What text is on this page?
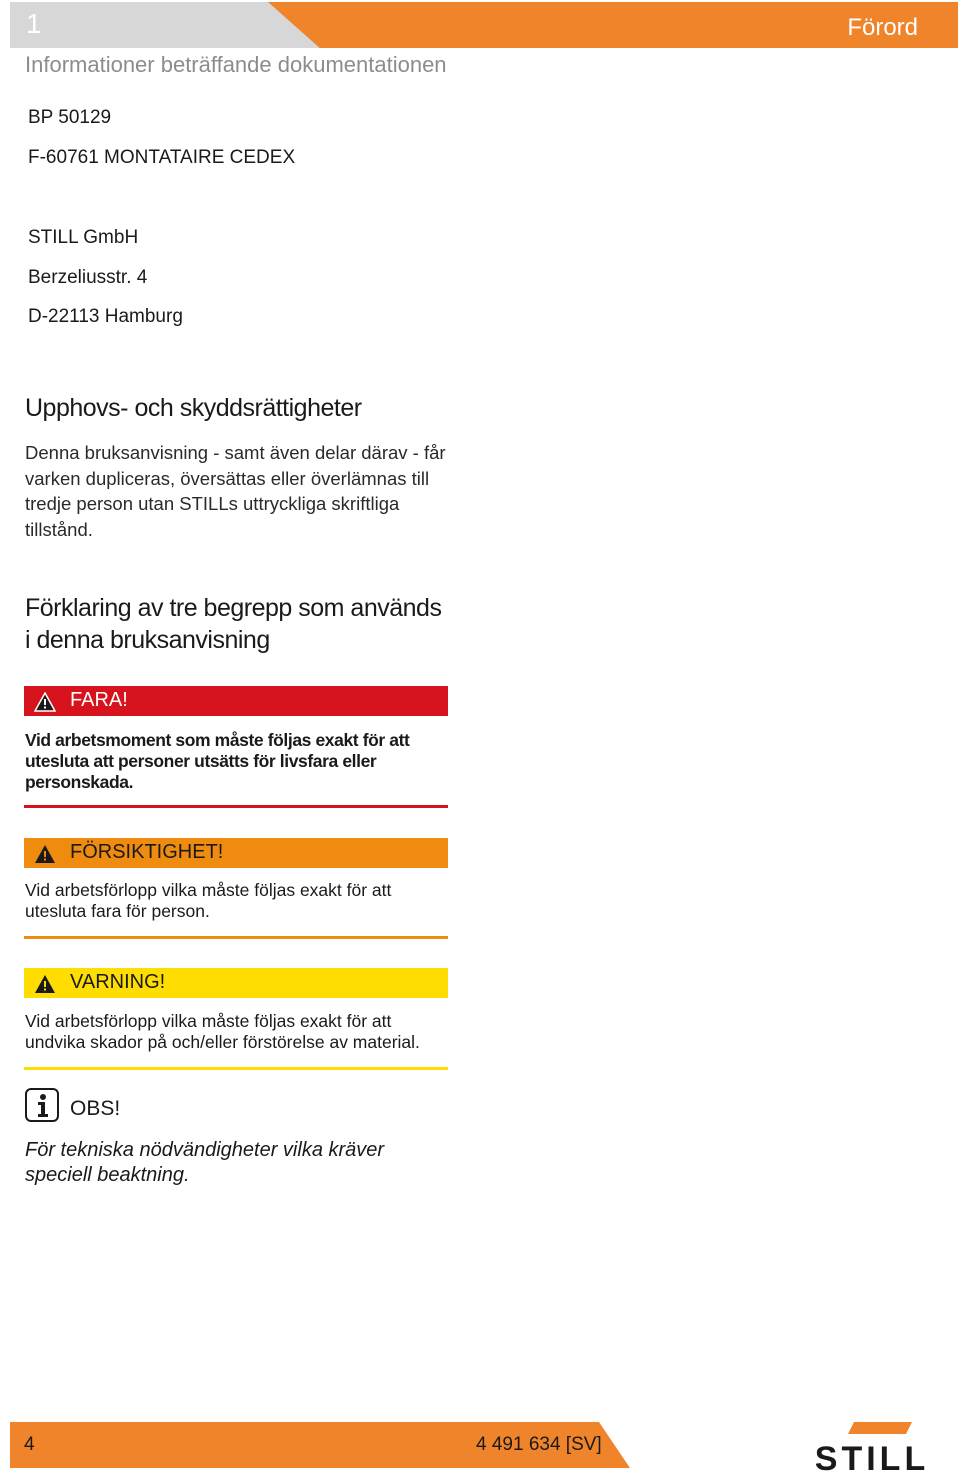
1	Förord
Informationer beträffande dokumentationen
BP 50129
F-60761 MONTATAIRE CEDEX
STILL GmbH
Berzeliusstr. 4
D-22113 Hamburg
Upphovs- och skyddsrättigheter
Denna bruksanvisning - samt även delar därav - får varken dupliceras, översättas eller överlämnas till tredje person utan STILLs uttryckliga skriftliga tillstånd.
Förklaring av tre begrepp som används i denna bruksanvisning
FARA!
Vid arbetsmoment som måste följas exakt för att utesluta att personer utsätts för livsfara eller personskada.
FÖRSIKTIGHET!
Vid arbetsförlopp vilka måste följas exakt för att utesluta fara för person.
VARNING!
Vid arbetsförlopp vilka måste följas exakt för att undvika skador på och/eller förstörelse av material.
OBS!
För tekniska nödvändigheter vilka kräver speciell beaktning.
4	4 491 634 [SV]	STILL
